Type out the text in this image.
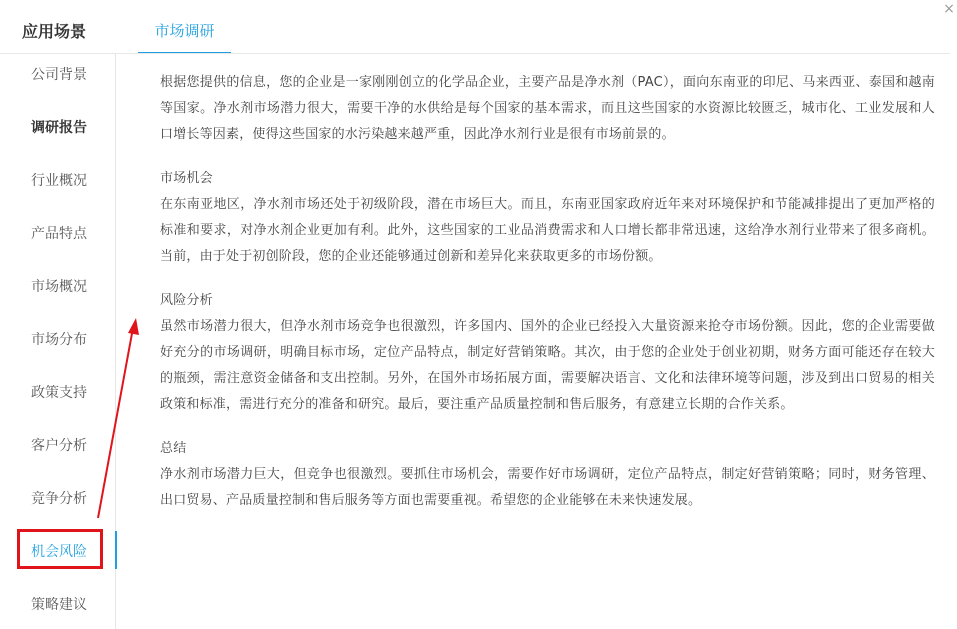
×
应用场景	市场调研
公司背景
调研报告
行业概况
产品特点
市场概况
市场分布
政策支持
客户分析
竞争分析
机会风险
策略建议

根据您提供的信息，您的企业是一家刚刚创立的化学品企业，主要产品是净水剂（PAC），面向东南亚的印尼、马来西亚、泰国和越南等国家。净水剂市场潜力很大，需要干净的水供给是每个国家的基本需求，而且这些国家的水资源比较匮乏，城市化、工业发展和人口增长等因素，使得这些国家的水污染越来越严重，因此净水剂行业是很有市场前景的。

市场机会

在东南亚地区，净水剂市场还处于初级阶段，潜在市场巨大。而且，东南亚国家政府近年来对环境保护和节能减排提出了更加严格的标准和要求，对净水剂企业更加有利。此外，这些国家的工业品消费需求和人口增长都非常迅速，这给净水剂行业带来了很多商机。当前，由于处于初创阶段，您的企业还能够通过创新和差异化来获取更多的市场份额。

风险分析

虽然市场潜力很大，但净水剂市场竞争也很激烈，许多国内、国外的企业已经投入大量资源来抢夺市场份额。因此，您的企业需要做好充分的市场调研，明确目标市场，定位产品特点，制定好营销策略。其次，由于您的企业处于创业初期，财务方面可能还存在较大的瓶颈，需注意资金储备和支出控制。另外，在国外市场拓展方面，需要解决语言、文化和法律环境等问题，涉及到出口贸易的相关政策和标准，需进行充分的准备和研究。最后，要注重产品质量控制和售后服务，有意建立长期的合作关系。

总结

净水剂市场潜力巨大，但竞争也很激烈。要抓住市场机会，需要作好市场调研，定位产品特点，制定好营销策略；同时，财务管理、出口贸易、产品质量控制和售后服务等方面也需要重视。希望您的企业能够在未来快速发展。
